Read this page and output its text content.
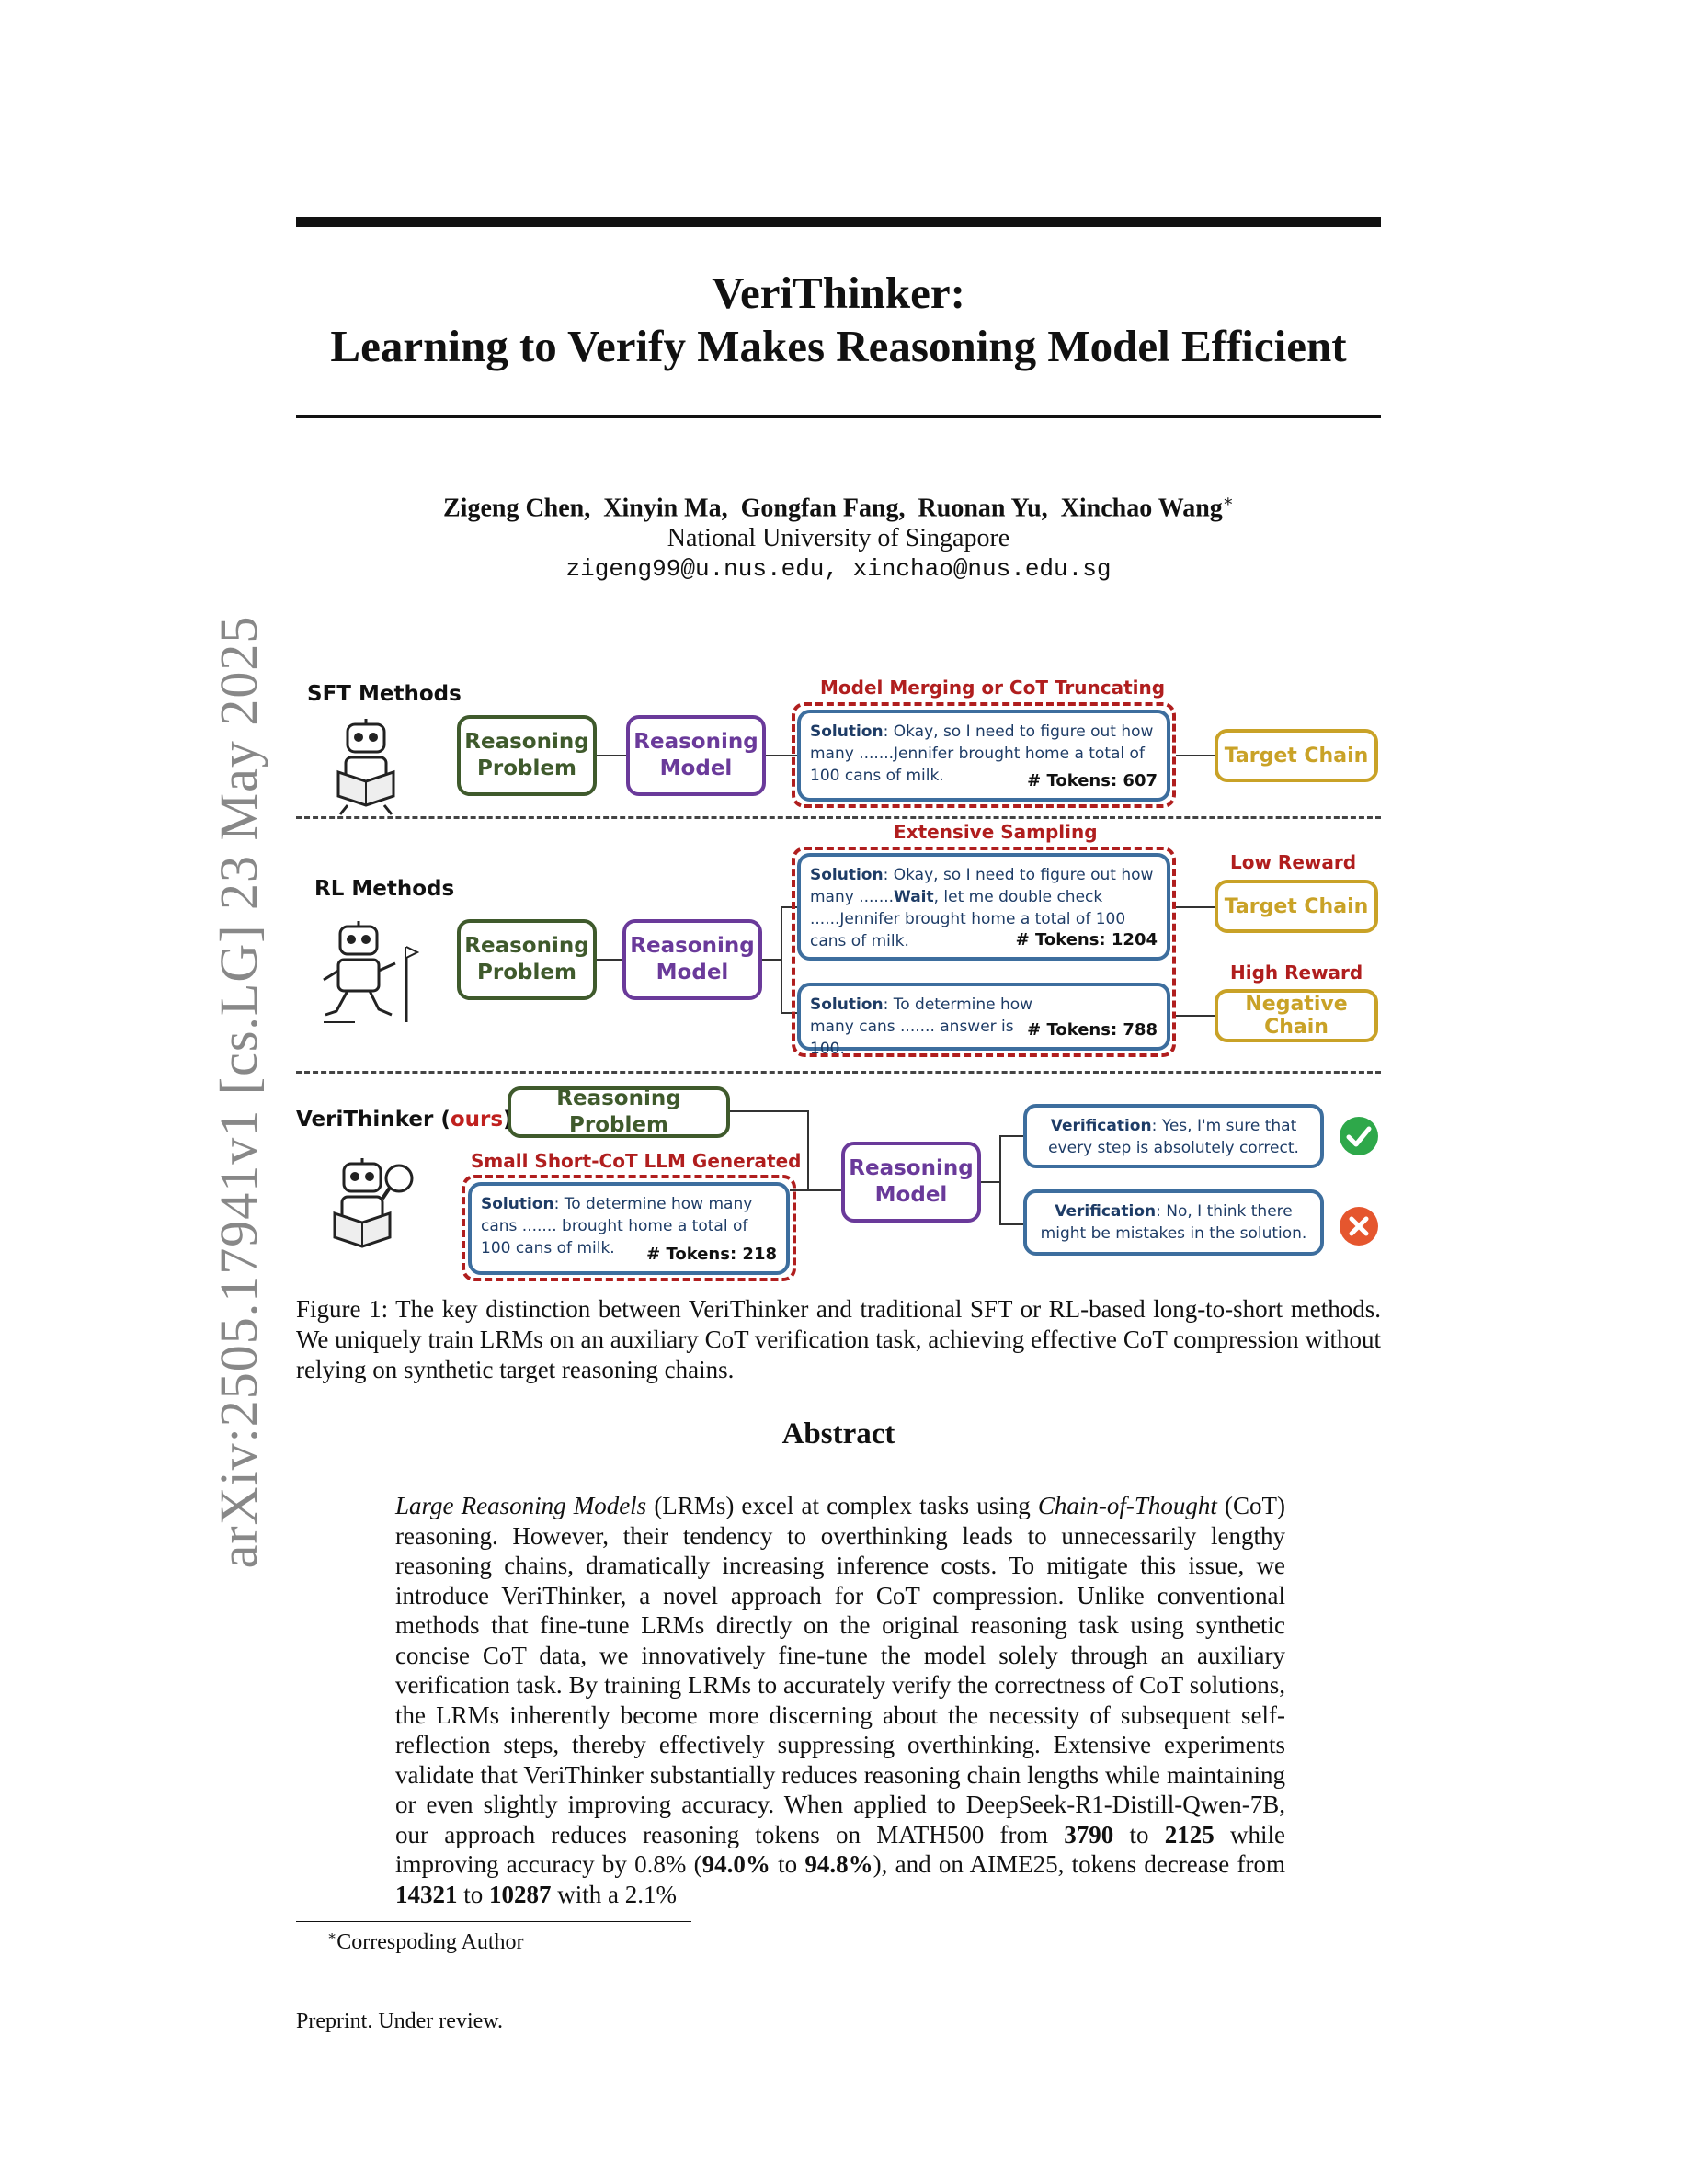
arXiv:2505.17941v1 [cs.LG] 23 May 2025
VeriThinker:
Learning to Verify Makes Reasoning Model Efficient
Zigeng Chen, Xinyin Ma, Gongfan Fang, Ruonan Yu, Xinchao Wang∗
National University of Singapore
zigeng99@u.nus.edu, xinchao@nus.edu.sg
SFT Methods
Reasoning Problem
Reasoning Model
Model Merging or CoT Truncating
Solution: Okay, so I need to figure out how many .......Jennifer brought home a total of 100 cans of milk.	# Tokens: 607
Target Chain
RL Methods
Reasoning Problem
Reasoning Model
Extensive Sampling
Solution: Okay, so I need to figure out how many .......Wait, let me double check ......Jennifer brought home a total of 100 cans of milk.	# Tokens: 1204
Solution: To determine how many cans ....... answer is 100.
# Tokens: 788
Low Reward
Target Chain
High Reward
Negative Chain
VeriThinker (ours)
Reasoning Problem
Small Short-CoT LLM Generated
Solution: To determine how many cans ....... brought home a total of 100 cans of milk.	# Tokens: 218
Reasoning Model
Verification: Yes, I'm sure that every step is absolutely correct.
Verification: No, I think there might be mistakes in the solution.
Figure 1: The key distinction between VeriThinker and traditional SFT or RL-based long-to-short methods. We uniquely train LRMs on an auxiliary CoT verification task, achieving effective CoT compression without relying on synthetic target reasoning chains.
Abstract
Large Reasoning Models (LRMs) excel at complex tasks using Chain-of-Thought (CoT) reasoning. However, their tendency to overthinking leads to unnecessarily lengthy reasoning chains, dramatically increasing inference costs. To mitigate this issue, we introduce VeriThinker, a novel approach for CoT compression. Unlike conventional methods that fine-tune LRMs directly on the original reasoning task using synthetic concise CoT data, we innovatively fine-tune the model solely through an auxiliary verification task. By training LRMs to accurately verify the correctness of CoT solutions, the LRMs inherently become more discerning about the necessity of subsequent self-reflection steps, thereby effectively suppressing overthinking. Extensive experiments validate that VeriThinker substantially reduces reasoning chain lengths while maintaining or even slightly improving accuracy. When applied to DeepSeek-R1-Distill-Qwen-7B, our approach reduces reasoning tokens on MATH500 from 3790 to 2125 while improving accuracy by 0.8% (94.0% to 94.8%), and on AIME25, tokens decrease from 14321 to 10287 with a 2.1%
∗Correspoding Author
Preprint. Under review.
